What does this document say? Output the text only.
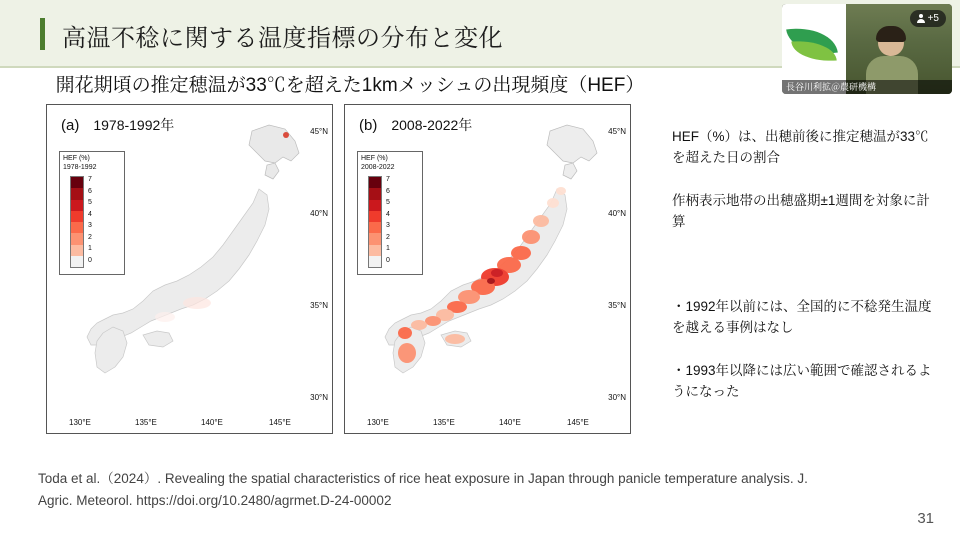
高温不稔に関する温度指標の分布と変化
+5
長谷川利拡＠農研機構
開花期頃の推定穂温が33℃を超えた1kmメッシュの出現頻度（HEF）
(a) 1978-1992年
HEF (%)
1978-1992
7
6
5
4
3
2
1
0
45°N
40°N
35°N
30°N
130°E	135°E	140°E	145°E
(b) 2008-2022年
HEF (%)
2008-2022
7
6
5
4
3
2
1
0
45°N
40°N
35°N
30°N
130°E	135°E	140°E	145°E
HEF（%）は、出穂前後に推定穂温が33℃を超えた日の割合
作柄表示地帯の出穂盛期±1週間を対象に計算
・1992年以前には、全国的に不稔発生温度を越える事例はなし
・1993年以降には広い範囲で確認されるようになった
Toda et al.（2024）. Revealing the spatial characteristics of rice heat exposure in Japan through panicle temperature analysis. J. Agric. Meteorol. https://doi.org/10.2480/agrmet.D-24-00002
31
